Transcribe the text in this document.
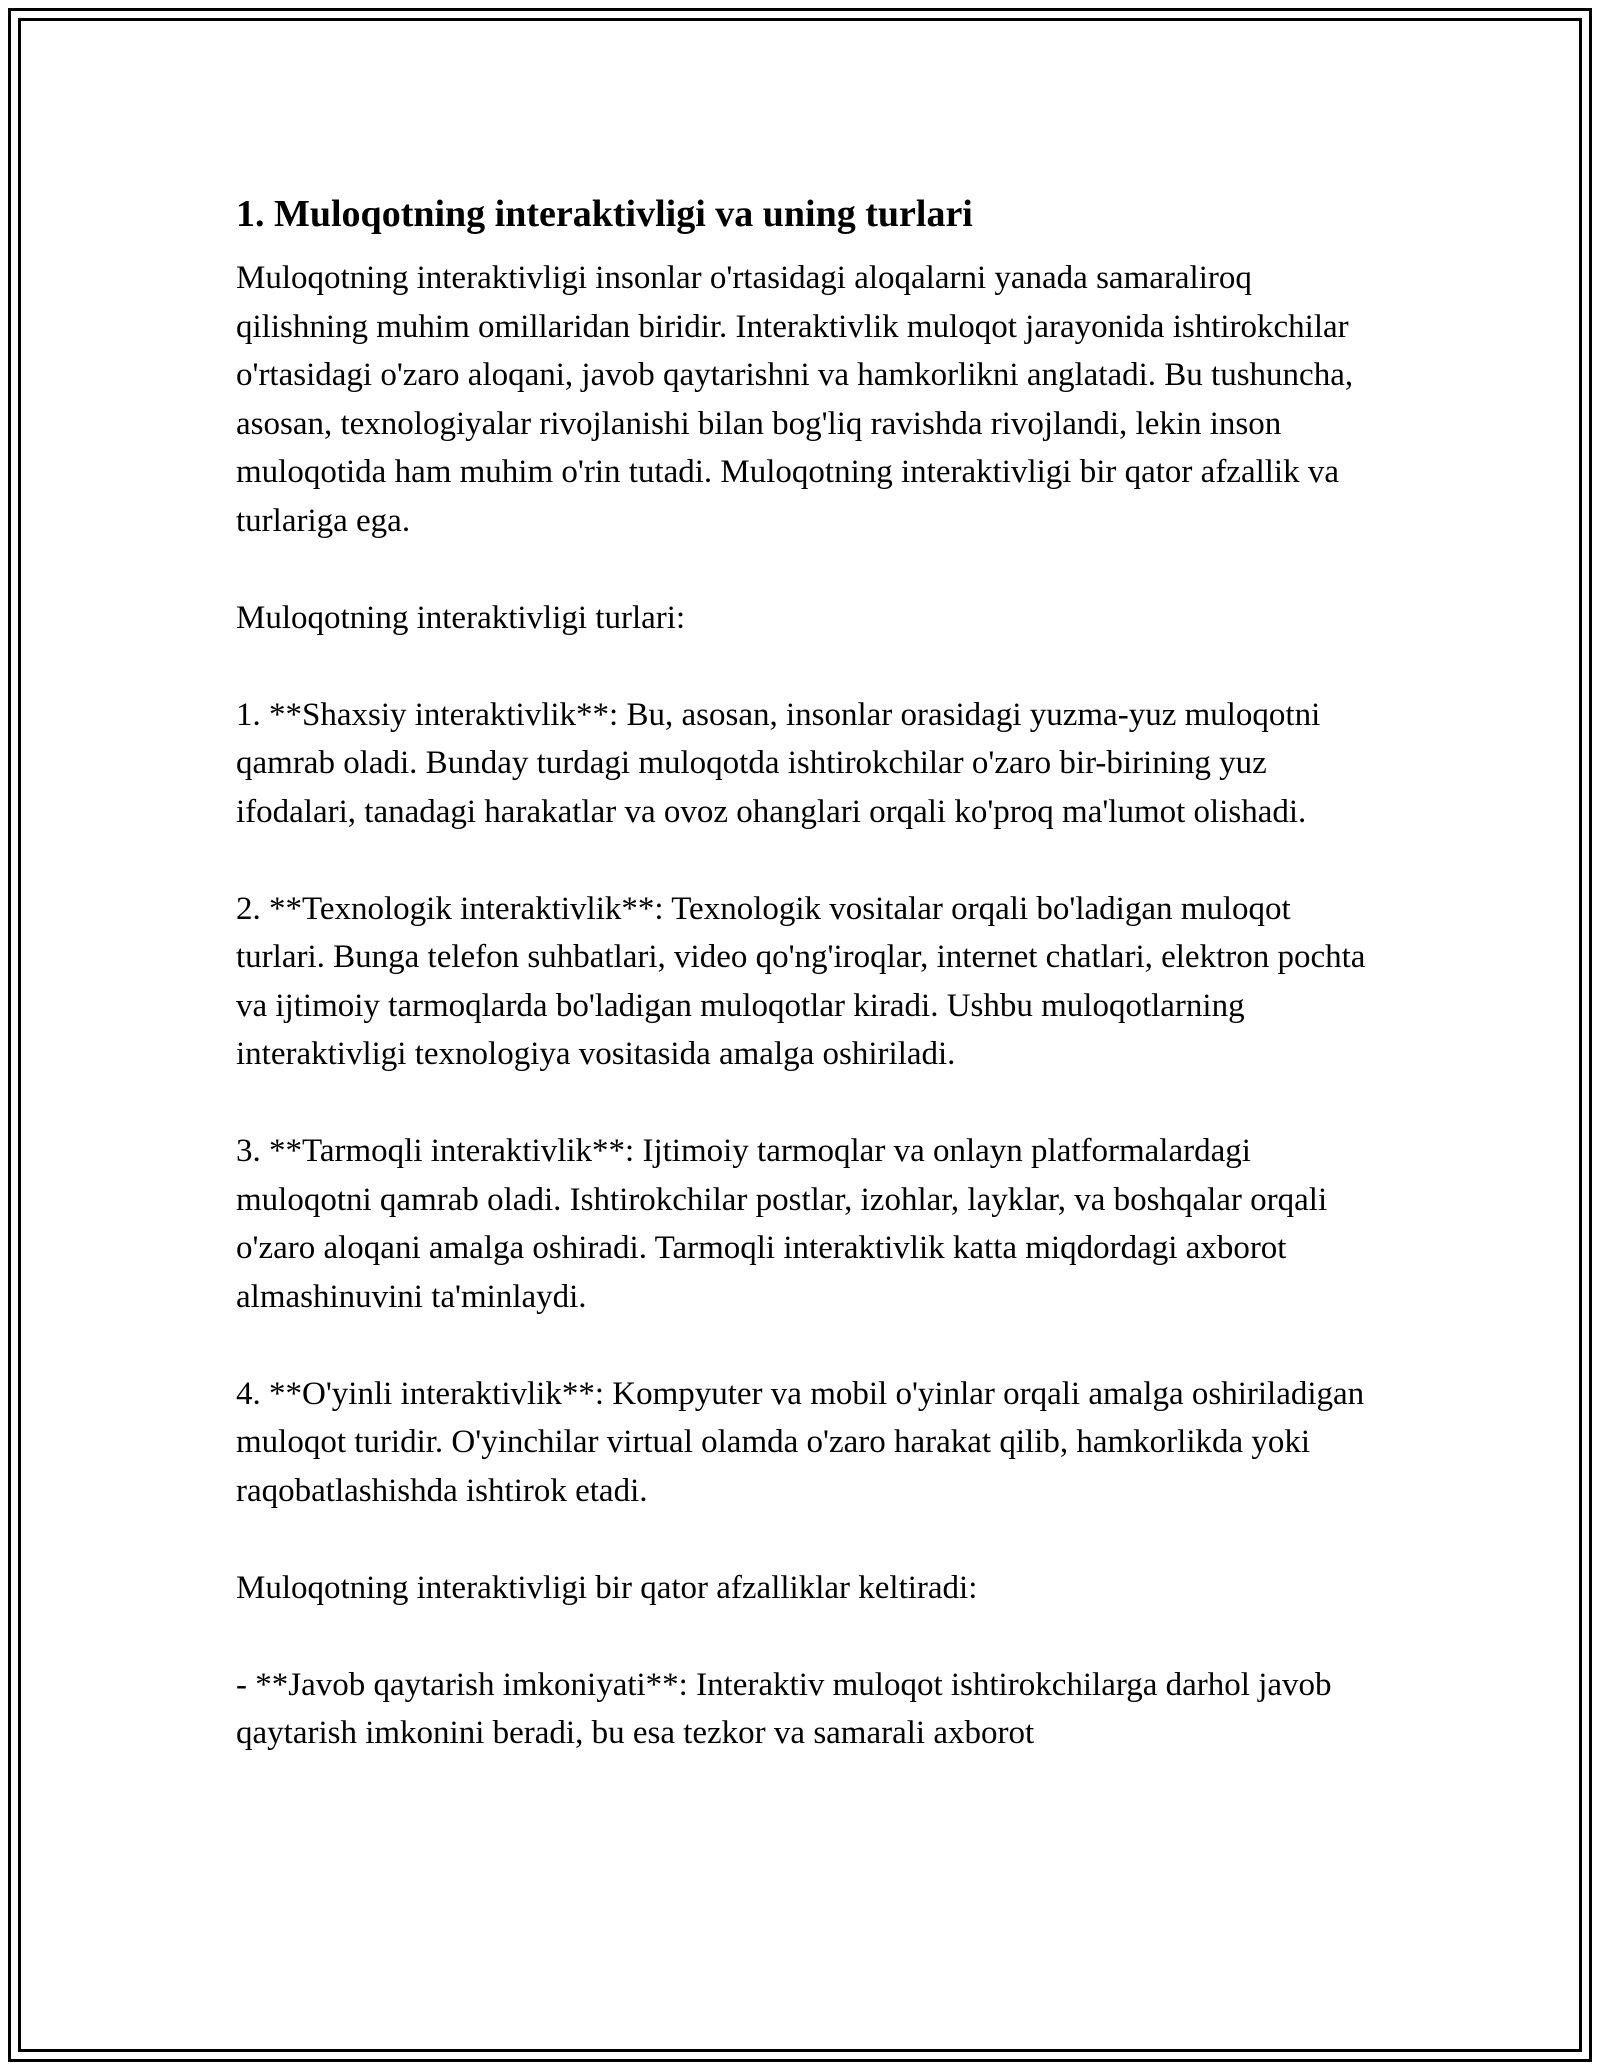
1. Muloqotning interaktivligi va uning turlari

Muloqotning interaktivligi insonlar o'rtasidagi aloqalarni yanada samaraliroq qilishning muhim omillaridan biridir. Interaktivlik muloqot jarayonida ishtirokchilar o'rtasidagi o'zaro aloqani, javob qaytarishni va hamkorlikni anglatadi. Bu tushuncha, asosan, texnologiyalar rivojlanishi bilan bog'liq ravishda rivojlandi, lekin inson muloqotida ham muhim o'rin tutadi. Muloqotning interaktivligi bir qator afzallik va turlariga ega.

Muloqotning interaktivligi turlari:

1. **Shaxsiy interaktivlik**: Bu, asosan, insonlar orasidagi yuzma-yuz muloqotni qamrab oladi. Bunday turdagi muloqotda ishtirokchilar o'zaro bir-birining yuz ifodalari, tanadagi harakatlar va ovoz ohanglari orqali ko'proq ma'lumot olishadi.

2. **Texnologik interaktivlik**: Texnologik vositalar orqali bo'ladigan muloqot turlari. Bunga telefon suhbatlari, video qo'ng'iroqlar, internet chatlari, elektron pochta va ijtimoiy tarmoqlarda bo'ladigan muloqotlar kiradi. Ushbu muloqotlarning interaktivligi texnologiya vositasida amalga oshiriladi.

3. **Tarmoqli interaktivlik**: Ijtimoiy tarmoqlar va onlayn platformalardagi muloqotni qamrab oladi. Ishtirokchilar postlar, izohlar, layklar, va boshqalar orqali o'zaro aloqani amalga oshiradi. Tarmoqli interaktivlik katta miqdordagi axborot almashinuvini ta'minlaydi.

4. **O'yinli interaktivlik**: Kompyuter va mobil o'yinlar orqali amalga oshiriladigan muloqot turidir. O'yinchilar virtual olamda o'zaro harakat qilib, hamkorlikda yoki raqobatlashishda ishtirok etadi.

Muloqotning interaktivligi bir qator afzalliklar keltiradi:

- **Javob qaytarish imkoniyati**: Interaktiv muloqot ishtirokchilarga darhol javob qaytarish imkonini beradi, bu esa tezkor va samarali axborot
